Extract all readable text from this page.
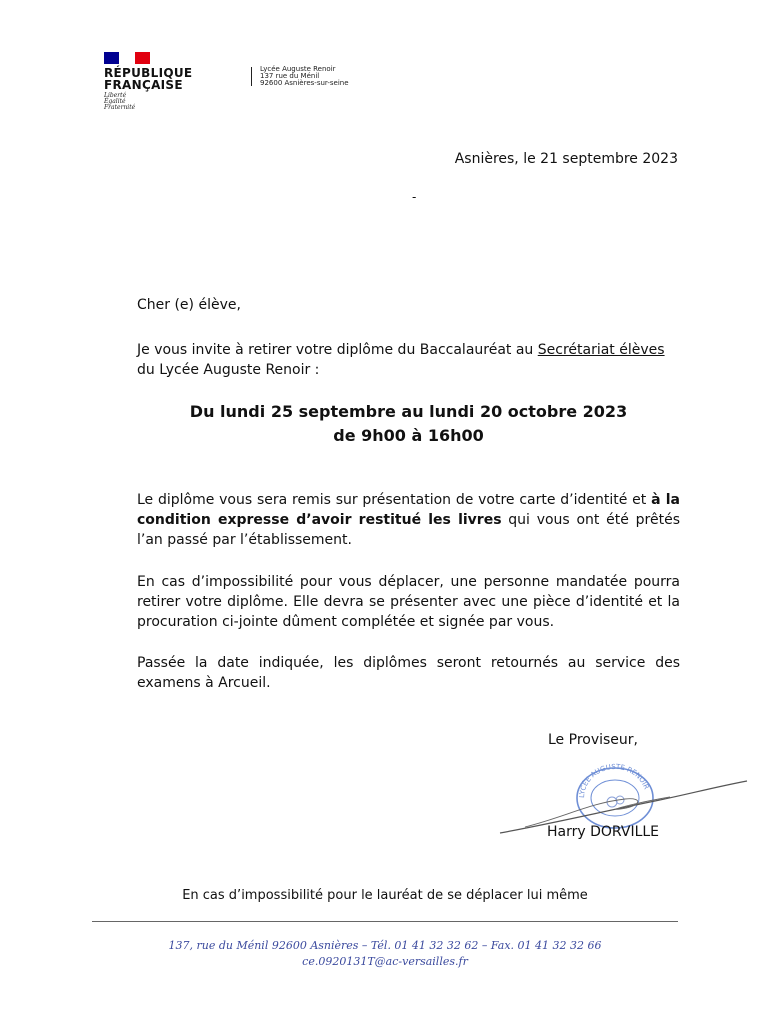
RÉPUBLIQUE
FRANÇAISE
Liberté
Égalité
Fraternité
Lycée Auguste Renoir
137 rue du Ménil
92600 Asnières-sur-seine
Asnières, le 21 septembre 2023
-
Cher (e) élève,
Je vous invite à retirer votre diplôme du Baccalauréat au Secrétariat élèves du Lycée Auguste Renoir :
Du lundi 25 septembre au lundi 20 octobre 2023
de 9h00 à 16h00
Le diplôme vous sera remis sur présentation de votre carte d’identité et à la condition expresse d’avoir restitué les livres qui vous ont été prêtés l’an passé par l’établissement.
En cas d’impossibilité pour vous déplacer, une personne mandatée pourra retirer votre diplôme. Elle devra se présenter avec une pièce d’identité et la procuration ci-jointe dûment complétée et signée par vous.
Passée la date indiquée, les diplômes seront retournés au service des examens à Arcueil.
Le Proviseur,
LYCÉE AUGUSTE RENOIR
Harry DORVILLE
En cas d’impossibilité pour le lauréat de se déplacer lui même
137, rue du Ménil 92600 Asnières – Tél. 01 41 32 32 62 – Fax. 01 41 32 32 66
ce.0920131T@ac-versailles.fr
